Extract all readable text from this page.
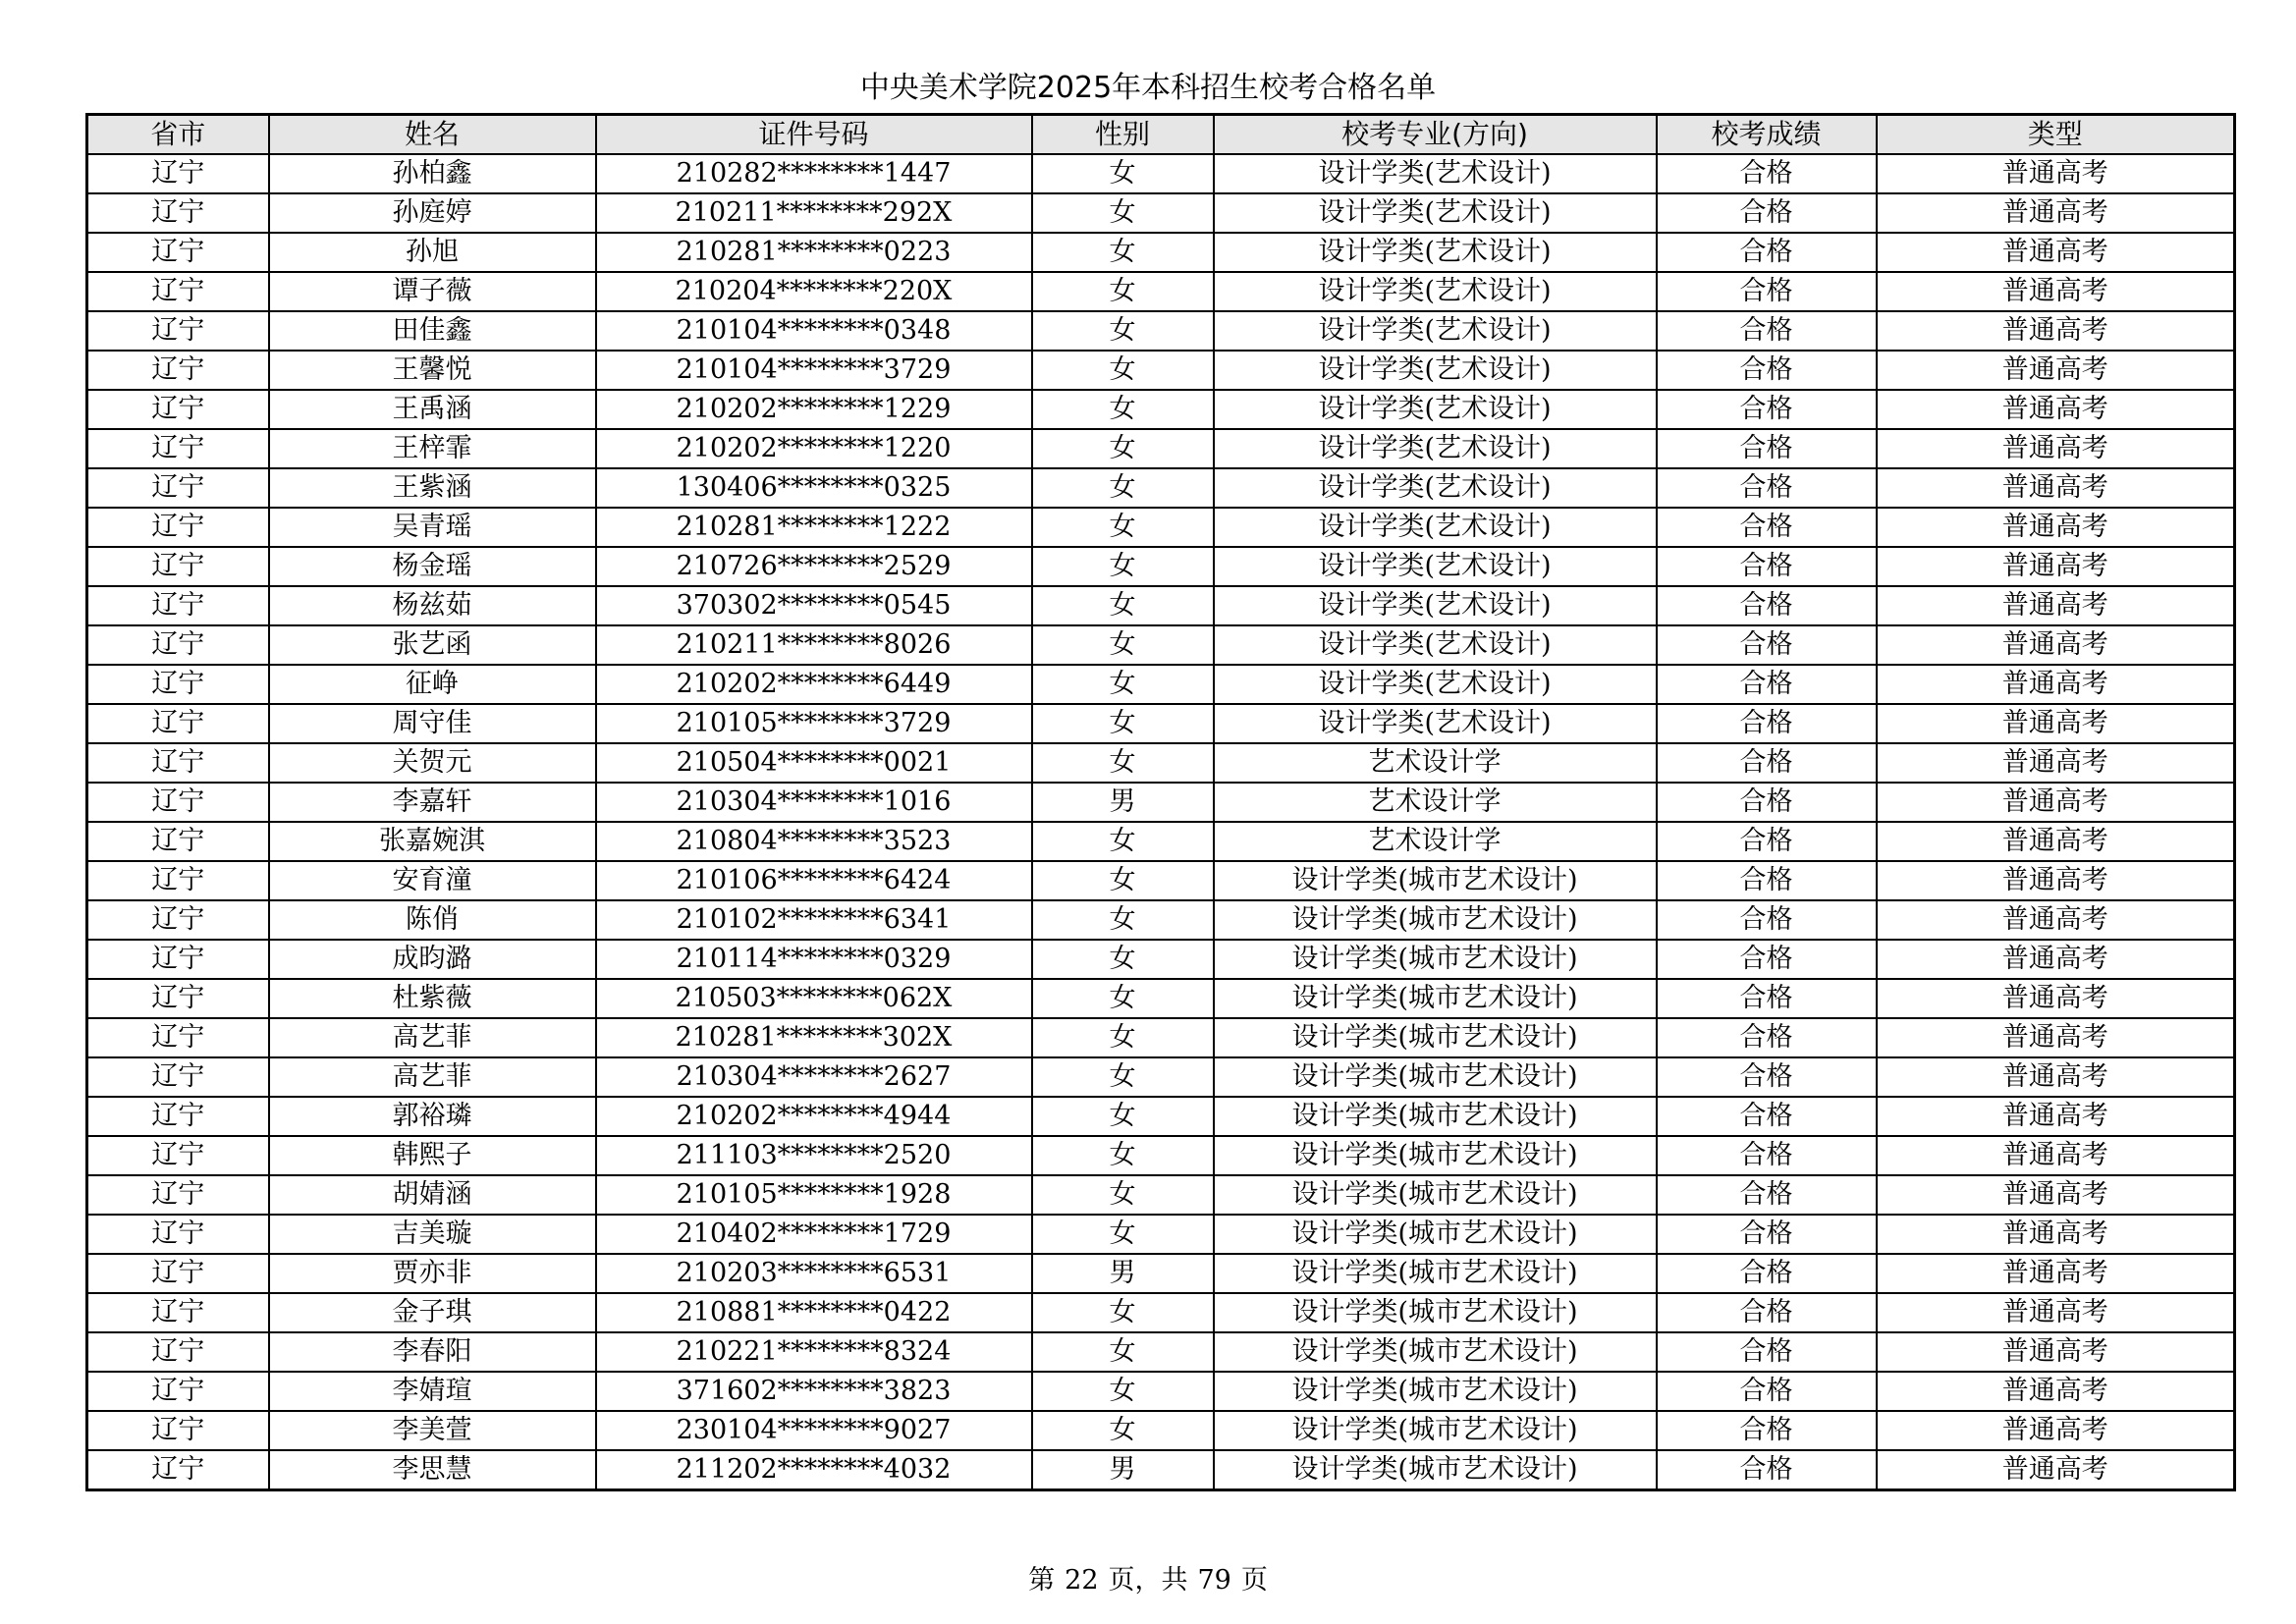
中央美术学院2025年本科招生校考合格名单
省市	姓名	证件号码	性别	校考专业(方向)	校考成绩	类型
辽宁	孙柏鑫	210282********1447	女	设计学类(艺术设计)	合格	普通高考
辽宁	孙庭婷	210211********292X	女	设计学类(艺术设计)	合格	普通高考
辽宁	孙旭	210281********0223	女	设计学类(艺术设计)	合格	普通高考
辽宁	谭子薇	210204********220X	女	设计学类(艺术设计)	合格	普通高考
辽宁	田佳鑫	210104********0348	女	设计学类(艺术设计)	合格	普通高考
辽宁	王馨悦	210104********3729	女	设计学类(艺术设计)	合格	普通高考
辽宁	王禹涵	210202********1229	女	设计学类(艺术设计)	合格	普通高考
辽宁	王梓霏	210202********1220	女	设计学类(艺术设计)	合格	普通高考
辽宁	王紫涵	130406********0325	女	设计学类(艺术设计)	合格	普通高考
辽宁	吴青瑶	210281********1222	女	设计学类(艺术设计)	合格	普通高考
辽宁	杨金瑶	210726********2529	女	设计学类(艺术设计)	合格	普通高考
辽宁	杨兹茹	370302********0545	女	设计学类(艺术设计)	合格	普通高考
辽宁	张艺函	210211********8026	女	设计学类(艺术设计)	合格	普通高考
辽宁	征峥	210202********6449	女	设计学类(艺术设计)	合格	普通高考
辽宁	周守佳	210105********3729	女	设计学类(艺术设计)	合格	普通高考
辽宁	关贺元	210504********0021	女	艺术设计学	合格	普通高考
辽宁	李嘉轩	210304********1016	男	艺术设计学	合格	普通高考
辽宁	张嘉婉淇	210804********3523	女	艺术设计学	合格	普通高考
辽宁	安育潼	210106********6424	女	设计学类(城市艺术设计)	合格	普通高考
辽宁	陈俏	210102********6341	女	设计学类(城市艺术设计)	合格	普通高考
辽宁	成昀潞	210114********0329	女	设计学类(城市艺术设计)	合格	普通高考
辽宁	杜紫薇	210503********062X	女	设计学类(城市艺术设计)	合格	普通高考
辽宁	高艺菲	210281********302X	女	设计学类(城市艺术设计)	合格	普通高考
辽宁	高艺菲	210304********2627	女	设计学类(城市艺术设计)	合格	普通高考
辽宁	郭裕璘	210202********4944	女	设计学类(城市艺术设计)	合格	普通高考
辽宁	韩熙子	211103********2520	女	设计学类(城市艺术设计)	合格	普通高考
辽宁	胡婧涵	210105********1928	女	设计学类(城市艺术设计)	合格	普通高考
辽宁	吉美璇	210402********1729	女	设计学类(城市艺术设计)	合格	普通高考
辽宁	贾亦非	210203********6531	男	设计学类(城市艺术设计)	合格	普通高考
辽宁	金子琪	210881********0422	女	设计学类(城市艺术设计)	合格	普通高考
辽宁	李春阳	210221********8324	女	设计学类(城市艺术设计)	合格	普通高考
辽宁	李婧瑄	371602********3823	女	设计学类(城市艺术设计)	合格	普通高考
辽宁	李美萱	230104********9027	女	设计学类(城市艺术设计)	合格	普通高考
辽宁	李思慧	211202********4032	男	设计学类(城市艺术设计)	合格	普通高考
第 22 页，共 79 页
